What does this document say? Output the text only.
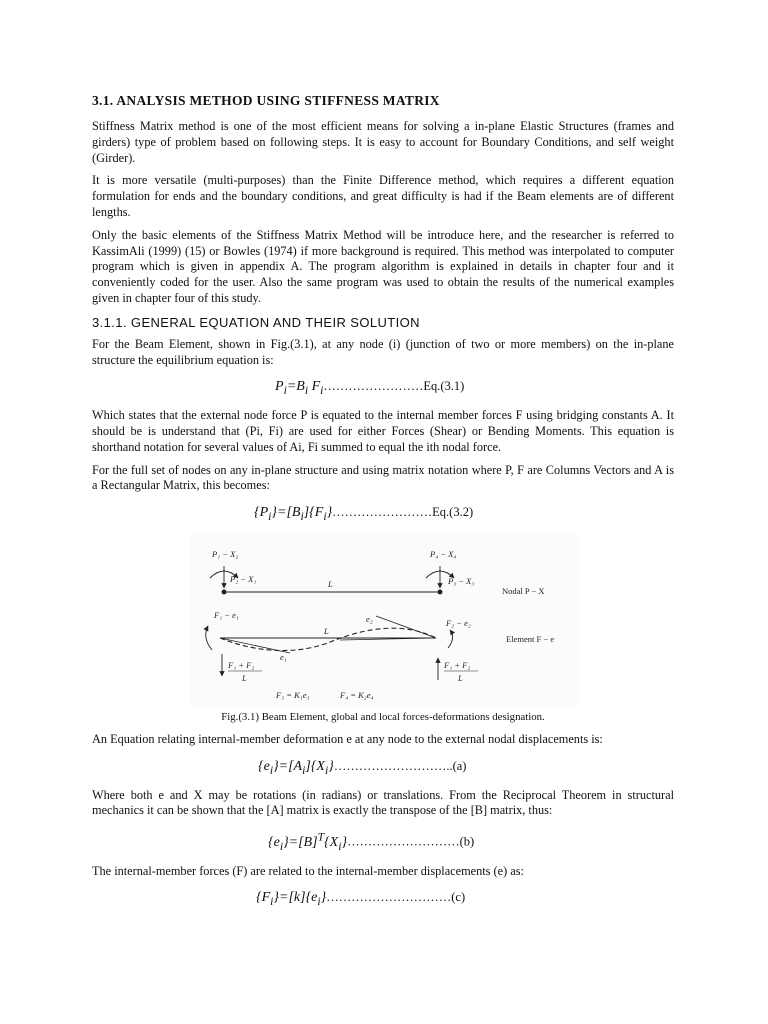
3.1. ANALYSIS METHOD USING STIFFNESS MATRIX

Stiffness Matrix method is one of the most efficient means for solving a in-plane Elastic Structures (frames and girders) type of problem based on following steps. It is easy to account for Boundary Conditions, and self weight (Girder).

It is more versatile (multi-purposes) than the Finite Difference method, which requires a different equation formulation for ends and the boundary conditions, and great difficulty is had if the Beam elements are of different lengths.

Only the basic elements of the Stiffness Matrix Method will be introduce here, and the researcher is referred to KassimAli (1999) (15) or Bowles (1974) if more background is required. This method was interpolated to computer program which is given in appendix A. The program algorithm is explained in details in chapter four and it conveniently coded for the user. Also the same program was used to obtain the results of the numerical examples given in chapter four of this study.

3.1.1. GENERAL EQUATION AND THEIR SOLUTION

For the Beam Element, shown in Fig.(3.1), at any node (i) (junction of two or more members) on the in-plane structure the equilibrium equation is:

$P_i=B_i$ $F_i\dots\dots\dots\dots\dots\dots\dots\dots Eq.(3.1)$

Which states that the external node force P is equated to the internal member forces F using bridging constants A. It should be is understand that (Pi, Fi) are used for either Forces (Shear) or Bending Moments. This equation is shorthand notation for several values of Ai, Fi summed to equal the ith nodal force.

For the full set of nodes on any in-plane structure and using matrix notation where P, F are Columns Vectors and A is a Rectangular Matrix, this becomes:

$\{P_i\}=[B_i]\{F_i\}\dots\dots\dots\dots\dots\dots\dots\dots Eq.(3.2)$
P₁ − X₂
P₂ − X₁
P₄ − X₄
P₃ − X₃
L
Nodal P − X
F₁ − e₁
F₂ − e₂
e₁
e₂
L
Element F − e
F₁ + F₂
L
F₁ + F₂
L
F₃ = K₁e₃	F₄ = K₂e₄
Fig.(3.1) Beam Element, global and local forces-deformations designation.

An Equation relating internal-member deformation e at any node to the external nodal displacements is:

$\{e_i\}=[A_i]\{X_i\}\dots\dots\dots\dots\dots\dots\dots\dots\dots..(a)$

Where both e and X may be rotations (in radians) or translations. From the Reciprocal Theorem in structural mechanics it can be shown that the [A] matrix is exactly the transpose of the [B] matrix, thus:

$\{e_i\}=[B]^T\{X_i\}\dots\dots\dots\dots\dots\dots\dots\dots\dots(b)$

The internal-member forces (F) are related to the internal-member displacements (e) as:

$\{F_i\}=[k]\{e_i\}\dots\dots\dots\dots\dots\dots\dots\dots\dots\dots(c)$
